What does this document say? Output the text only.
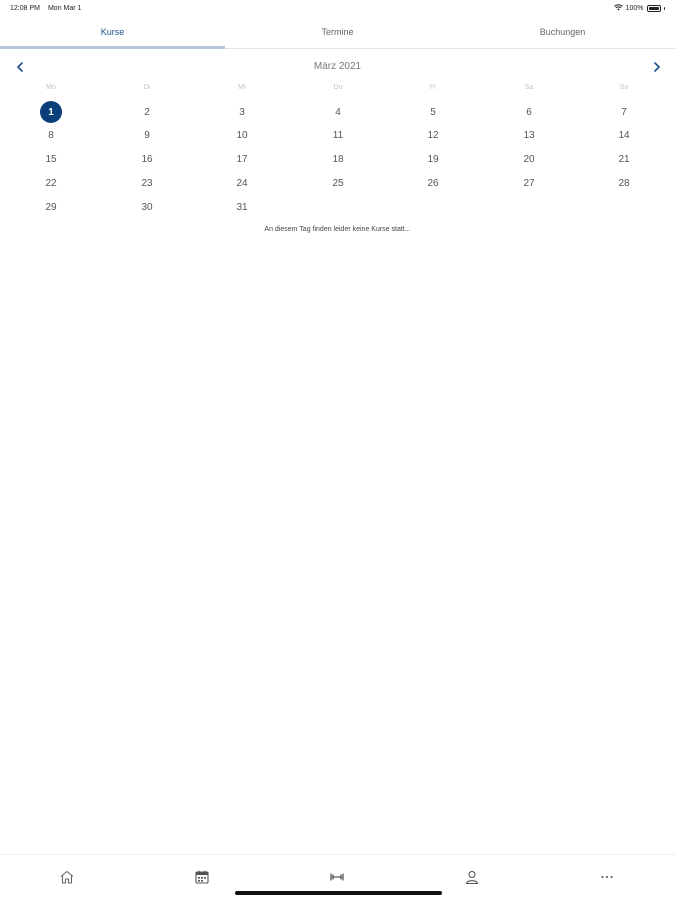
12:08 PM Mon Mar 1	100%
Kurse	Termine	Buchungen
März 2021
Mo	Di	Mi	Do	Fr	Sa	So
1	2	3	4	5	6	7
8	9	10	11	12	13	14
15	16	17	18	19	20	21
22	23	24	25	26	27	28
29	30	31
An diesem Tag finden leider keine Kurse statt...
